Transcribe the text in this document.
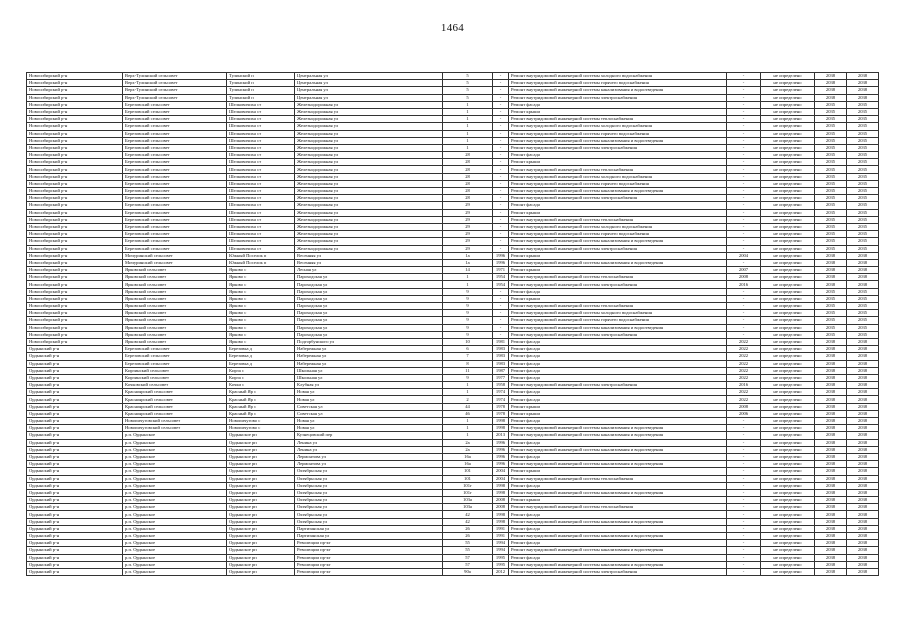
1464
Новосибирский р-н	Верх-Тулинский сельсовет	Тулинский п	Центральная ул	5	-	Ремонт внутридомовой инженерной системы холодного водоснабжения	-	не определено	2038	2038
Новосибирский р-н	Верх-Тулинский сельсовет	Тулинский п	Центральная ул	5	-	Ремонт внутридомовой инженерной системы горячего водоснабжения	-	не определено	2038	2038
Новосибирский р-н	Верх-Тулинский сельсовет	Тулинский п	Центральная ул	5	-	Ремонт внутридомовой инженерной системы канализования и водоотведения	-	не определено	2038	2038
Новосибирский р-н	Верх-Тулинский сельсовет	Тулинский п	Центральная ул	5	-	Ремонт внутридомовой инженерной системы электроснабжения	-	не определено	2038	2038
Новосибирский р-н	Березовский сельсовет	Шелковичиха ст	Железнодорожная ул	1	-	Ремонт фасада	-	не определено	2035	2035
Новосибирский р-н	Березовский сельсовет	Шелковичиха ст	Железнодорожная ул	1	-	Ремонт крыши	-	не определено	2035	2035
Новосибирский р-н	Березовский сельсовет	Шелковичиха ст	Железнодорожная ул	1	-	Ремонт внутридомовой инженерной системы теплоснабжения	-	не определено	2035	2035
Новосибирский р-н	Березовский сельсовет	Шелковичиха ст	Железнодорожная ул	1	-	Ремонт внутридомовой инженерной системы холодного водоснабжения	-	не определено	2035	2035
Новосибирский р-н	Березовский сельсовет	Шелковичиха ст	Железнодорожная ул	1	-	Ремонт внутридомовой инженерной системы горячего водоснабжения	-	не определено	2035	2035
Новосибирский р-н	Березовский сельсовет	Шелковичиха ст	Железнодорожная ул	1	-	Ремонт внутридомовой инженерной системы канализования и водоотведения	-	не определено	2035	2035
Новосибирский р-н	Березовский сельсовет	Шелковичиха ст	Железнодорожная ул	1	-	Ремонт внутридомовой инженерной системы электроснабжения	-	не определено	2035	2035
Новосибирский р-н	Березовский сельсовет	Шелковичиха ст	Железнодорожная ул	28	-	Ремонт фасада	-	не определено	2035	2035
Новосибирский р-н	Березовский сельсовет	Шелковичиха ст	Железнодорожная ул	28	-	Ремонт крыши	-	не определено	2035	2035
Новосибирский р-н	Березовский сельсовет	Шелковичиха ст	Железнодорожная ул	28	-	Ремонт внутридомовой инженерной системы теплоснабжения	-	не определено	2035	2035
Новосибирский р-н	Березовский сельсовет	Шелковичиха ст	Железнодорожная ул	28	-	Ремонт внутридомовой инженерной системы холодного водоснабжения	-	не определено	2035	2035
Новосибирский р-н	Березовский сельсовет	Шелковичиха ст	Железнодорожная ул	28	-	Ремонт внутридомовой инженерной системы горячего водоснабжения	-	не определено	2035	2035
Новосибирский р-н	Березовский сельсовет	Шелковичиха ст	Железнодорожная ул	28	-	Ремонт внутридомовой инженерной системы канализования и водоотведения	-	не определено	2035	2035
Новосибирский р-н	Березовский сельсовет	Шелковичиха ст	Железнодорожная ул	28	-	Ремонт внутридомовой инженерной системы электроснабжения	-	не определено	2035	2035
Новосибирский р-н	Березовский сельсовет	Шелковичиха ст	Железнодорожная ул	29	-	Ремонт фасада	-	не определено	2035	2035
Новосибирский р-н	Березовский сельсовет	Шелковичиха ст	Железнодорожная ул	29	-	Ремонт крыши	-	не определено	2035	2035
Новосибирский р-н	Березовский сельсовет	Шелковичиха ст	Железнодорожная ул	29	-	Ремонт внутридомовой инженерной системы теплоснабжения	-	не определено	2035	2035
Новосибирский р-н	Березовский сельсовет	Шелковичиха ст	Железнодорожная ул	29	-	Ремонт внутридомовой инженерной системы холодного водоснабжения	-	не определено	2035	2035
Новосибирский р-н	Березовский сельсовет	Шелковичиха ст	Железнодорожная ул	29	-	Ремонт внутридомовой инженерной системы горячего водоснабжения	-	не определено	2035	2035
Новосибирский р-н	Березовский сельсовет	Шелковичиха ст	Железнодорожная ул	29	-	Ремонт внутридомовой инженерной системы канализования и водоотведения	-	не определено	2035	2035
Новосибирский р-н	Березовский сельсовет	Шелковичиха ст	Железнодорожная ул	29	-	Ремонт внутридомовой инженерной системы электроснабжения	-	не определено	2035	2035
Новосибирский р-н	Мичуринский сельсовет	Южный Поселок п	Весенняя ул	1а	1996	Ремонт крыши	2004	не определено	2038	2038
Новосибирский р-н	Мичуринский сельсовет	Южный Поселок п	Весенняя ул	1а	1996	Ремонт внутридомовой инженерной системы канализования и водоотведения	-	не определено	2038	2038
Новосибирский р-н	Ярковский сельсовет	Ярково с	Лесная ул	14	1971	Ремонт крыши	2007	не определено	2038	2038
Новосибирский р-н	Ярковский сельсовет	Ярково с	Пароходская ул	1	1954	Ремонт внутридомовой инженерной системы теплоснабжения	2008	не определено	2038	2038
Новосибирский р-н	Ярковский сельсовет	Ярково с	Пароходская ул	1	1954	Ремонт внутридомовой инженерной системы электроснабжения	2016	не определено	2038	2038
Новосибирский р-н	Ярковский сельсовет	Ярково с	Пароходская ул	9	-	Ремонт фасада	-	не определено	2035	2035
Новосибирский р-н	Ярковский сельсовет	Ярково с	Пароходская ул	9	-	Ремонт крыши	-	не определено	2035	2035
Новосибирский р-н	Ярковский сельсовет	Ярково с	Пароходская ул	9	-	Ремонт внутридомовой инженерной системы теплоснабжения	-	не определено	2035	2035
Новосибирский р-н	Ярковский сельсовет	Ярково с	Пароходская ул	9	-	Ремонт внутридомовой инженерной системы холодного водоснабжения	-	не определено	2035	2035
Новосибирский р-н	Ярковский сельсовет	Ярково с	Пароходская ул	9	-	Ремонт внутридомовой инженерной системы горячего водоснабжения	-	не определено	2035	2035
Новосибирский р-н	Ярковский сельсовет	Ярково с	Пароходская ул	9	-	Ремонт внутридомовой инженерной системы канализования и водоотведения	-	не определено	2035	2035
Новосибирский р-н	Ярковский сельсовет	Ярково с	Пароходская ул	9	-	Ремонт внутридомовой инженерной системы электроснабжения	-	не определено	2035	2035
Новосибирский р-н	Ярковский сельсовет	Ярково с	Подгорбунского ул	10	1981	Ремонт фасада	2022	не определено	2038	2038
Ордынский р-н	Березовский сельсовет	Березовка д	Набережная ул	6	1983	Ремонт фасада	2022	не определено	2038	2038
Ордынский р-н	Березовский сельсовет	Березовка д	Набережная ул	7	1983	Ремонт фасада	2022	не определено	2038	2038
Ордынский р-н	Березовский сельсовет	Березовка д	Набережная ул	8	1983	Ремонт фасада	2022	не определено	2038	2038
Ордынский р-н	Кирзинский сельсовет	Кирза с	Школьная ул	11	1987	Ремонт фасада	2022	не определено	2038	2038
Ордынский р-н	Кирзинский сельсовет	Кирза с	Школьная ул	9	1977	Ремонт фасада	2022	не определено	2038	2038
Ордынский р-н	Кочковский сельсовет	Кочки с	Клубная ул	1	1958	Ремонт внутридомовой инженерной системы электроснабжения	2016	не определено	2038	2038
Ордынский р-н	Красноярский сельсовет	Красный Яр с	Новая ул	1	1974	Ремонт фасада	2022	не определено	2038	2038
Ордынский р-н	Красноярский сельсовет	Красный Яр с	Новая ул	2	1974	Ремонт фасада	2022	не определено	2038	2038
Ордынский р-н	Красноярский сельсовет	Красный Яр с	Советская ул	44	1978	Ремонт крыши	2008	не определено	2038	2038
Ордынский р-н	Красноярский сельсовет	Красный Яр с	Советская ул	46	1978	Ремонт крыши	2006	не определено	2038	2038
Ордынский р-н	Новопичуговский сельсовет	Новопичугово с	Новая ул	1	1998	Ремонт фасада	-	не определено	2038	2038
Ордынский р-н	Новопичуговский сельсовет	Новопичугово с	Новая ул	1	1998	Ремонт внутридомовой инженерной системы канализования и водоотведения	-	не определено	2038	2038
Ордынский р-н	р.п. Ордынское	Ордынское рп	Кузнецовский пер	1	2013	Ремонт внутридомовой инженерной системы канализования и водоотведения	-	не определено	2038	2038
Ордынский р-н	р.п. Ордынское	Ордынское рп	Ленина ул	2а	1996	Ремонт фасада	-	не определено	2038	2038
Ордынский р-н	р.п. Ордынское	Ордынское рп	Ленина ул	2а	1996	Ремонт внутридомовой инженерной системы канализования и водоотведения	-	не определено	2038	2038
Ордынский р-н	р.п. Ордынское	Ордынское рп	Лермонтова ул	16а	1996	Ремонт фасада	-	не определено	2038	2038
Ордынский р-н	р.п. Ордынское	Ордынское рп	Лермонтова ул	16а	1996	Ремонт внутридомовой инженерной системы канализования и водоотведения	-	не определено	2038	2038
Ордынский р-н	р.п. Ордынское	Ордынское рп	Октябрьская ул	101	2004	Ремонт крыши	-	не определено	2038	2038
Ордынский р-н	р.п. Ордынское	Ордынское рп	Октябрьская ул	101	2004	Ремонт внутридомовой инженерной системы теплоснабжения	-	не определено	2038	2038
Ордынский р-н	р.п. Ордынское	Ордынское рп	Октябрьская ул	101г	1998	Ремонт фасада	-	не определено	2038	2038
Ордынский р-н	р.п. Ордынское	Ордынское рп	Октябрьская ул	101г	1998	Ремонт внутридомовой инженерной системы канализования и водоотведения	-	не определено	2038	2038
Ордынский р-н	р.п. Ордынское	Ордынское рп	Октябрьская ул	103а	2008	Ремонт крыши	-	не определено	2038	2038
Ордынский р-н	р.п. Ордынское	Ордынское рп	Октябрьская ул	103а	2008	Ремонт внутридомовой инженерной системы теплоснабжения	-	не определено	2038	2038
Ордынский р-н	р.п. Ордынское	Ордынское рп	Октябрьская ул	42	1998	Ремонт фасада	-	не определено	2038	2038
Ордынский р-н	р.п. Ордынское	Ордынское рп	Октябрьская ул	42	1998	Ремонт внутридомовой инженерной системы канализования и водоотведения	-	не определено	2038	2038
Ордынский р-н	р.п. Ордынское	Ордынское рп	Партизанская ул	26	1991	Ремонт фасада	-	не определено	2038	2038
Ордынский р-н	р.п. Ордынское	Ордынское рп	Партизанская ул	26	1991	Ремонт внутридомовой инженерной системы канализования и водоотведения	-	не определено	2038	2038
Ордынский р-н	р.п. Ордынское	Ордынское рп	Революции пр-кт	55	1994	Ремонт фасада	-	не определено	2038	2038
Ордынский р-н	р.п. Ордынское	Ордынское рп	Революции пр-кт	55	1994	Ремонт внутридомовой инженерной системы канализования и водоотведения	-	не определено	2038	2038
Ордынский р-н	р.п. Ордынское	Ордынское рп	Революции пр-кт	57	1995	Ремонт фасада	-	не определено	2038	2038
Ордынский р-н	р.п. Ордынское	Ордынское рп	Революции пр-кт	57	1995	Ремонт внутридомовой инженерной системы канализования и водоотведения	-	не определено	2038	2038
Ордынский р-н	р.п. Ордынское	Ордынское рп	Революции пр-кт	90а	2012	Ремонт внутридомовой инженерной системы электроснабжения	-	не определено	2038	2038
